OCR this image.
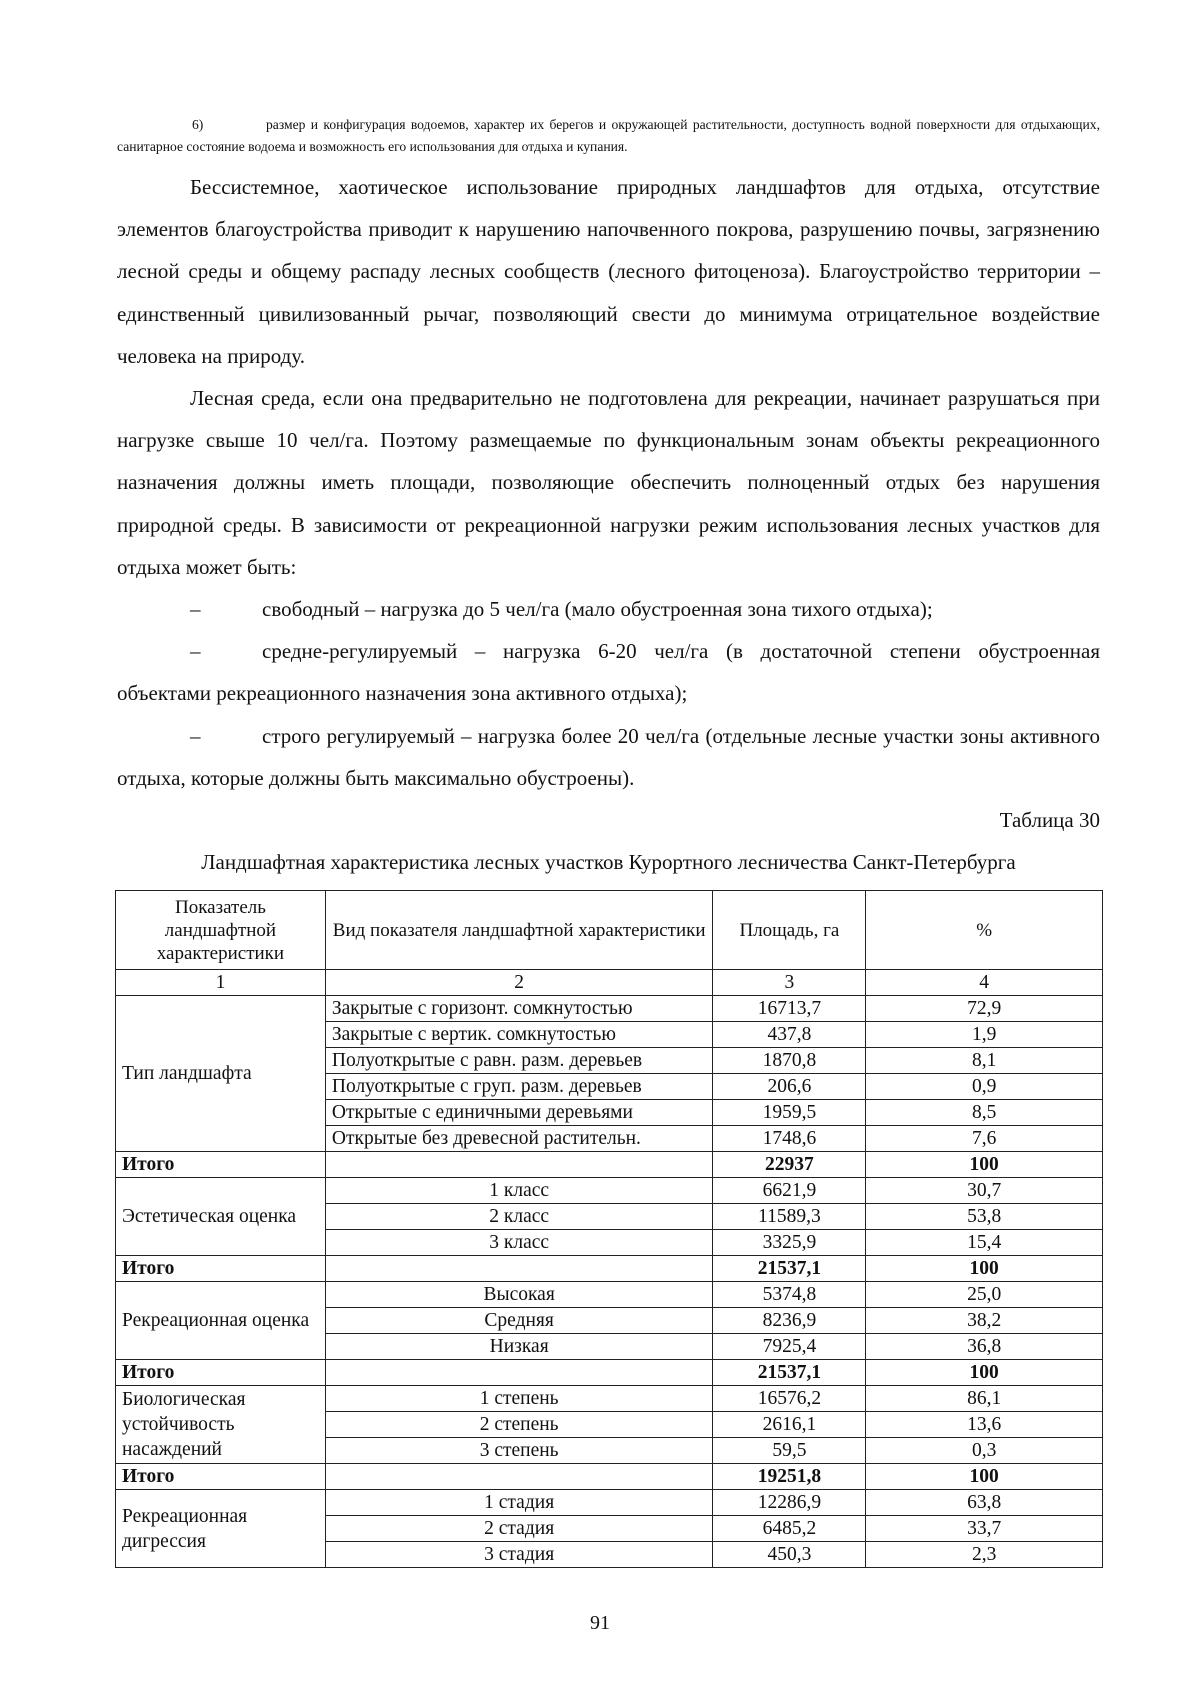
6)	размер и конфигурация водоемов, характер их берегов и окружающей растительности, доступность водной поверхности для отдыхающих, санитарное состояние водоема и возможность его использования для отдыха и купания.

Бессистемное, хаотическое использование природных ландшафтов для отдыха, отсутствие элементов благоустройства приводит к нарушению напочвенного покрова, разрушению почвы, загрязнению лесной среды и общему распаду лесных сообществ (лесного фитоценоза). Благоустройство территории – единственный цивилизованный рычаг, позволяющий свести до минимума отрицательное воздействие человека на природу.

Лесная среда, если она предварительно не подготовлена для рекреации, начинает разрушаться при нагрузке свыше 10 чел/га. Поэтому размещаемые по функциональным зонам объекты рекреационного назначения должны иметь площади, позволяющие обеспечить полноценный отдых без нарушения природной среды. В зависимости от рекреационной нагрузки режим использования лесных участков для отдыха может быть:

–	свободный – нагрузка до 5 чел/га (мало обустроенная зона тихого отдыха);

–	средне-регулируемый – нагрузка 6-20 чел/га (в достаточной степени обустроенная объектами рекреационного назначения зона активного отдыха);

–	строго регулируемый – нагрузка более 20 чел/га (отдельные лесные участки зоны активного отдыха, которые должны быть максимально обустроены).

Таблица 30

Ландшафтная характеристика лесных участков Курортного лесничества Санкт-Петербурга

Показатель ландшафтной характеристики	Вид показателя ландшафтной характеристики	Площадь, га	%
1	2	3	4
Тип ландшафта	Закрытые с горизонт. сомкнутостью	16713,7	72,9
	Закрытые с вертик. сомкнутостью	437,8	1,9
	Полуоткрытые с равн. разм. деревьев	1870,8	8,1
	Полуоткрытые с груп. разм. деревьев	206,6	0,9
	Открытые с единичными деревьями	1959,5	8,5
	Открытые без древесной растительн.	1748,6	7,6
Итого		22937	100
Эстетическая оценка	1 класс	6621,9	30,7
	2 класс	11589,3	53,8
	3 класс	3325,9	15,4
Итого		21537,1	100
Рекреационная оценка	Высокая	5374,8	25,0
	Средняя	8236,9	38,2
	Низкая	7925,4	36,8
Итого		21537,1	100
Биологическая устойчивость насаждений	1 степень	16576,2	86,1
	2 степень	2616,1	13,6
	3 степень	59,5	0,3
Итого		19251,8	100
Рекреационная дигрессия	1 стадия	12286,9	63,8
	2 стадия	6485,2	33,7
	3 стадия	450,3	2,3
91
